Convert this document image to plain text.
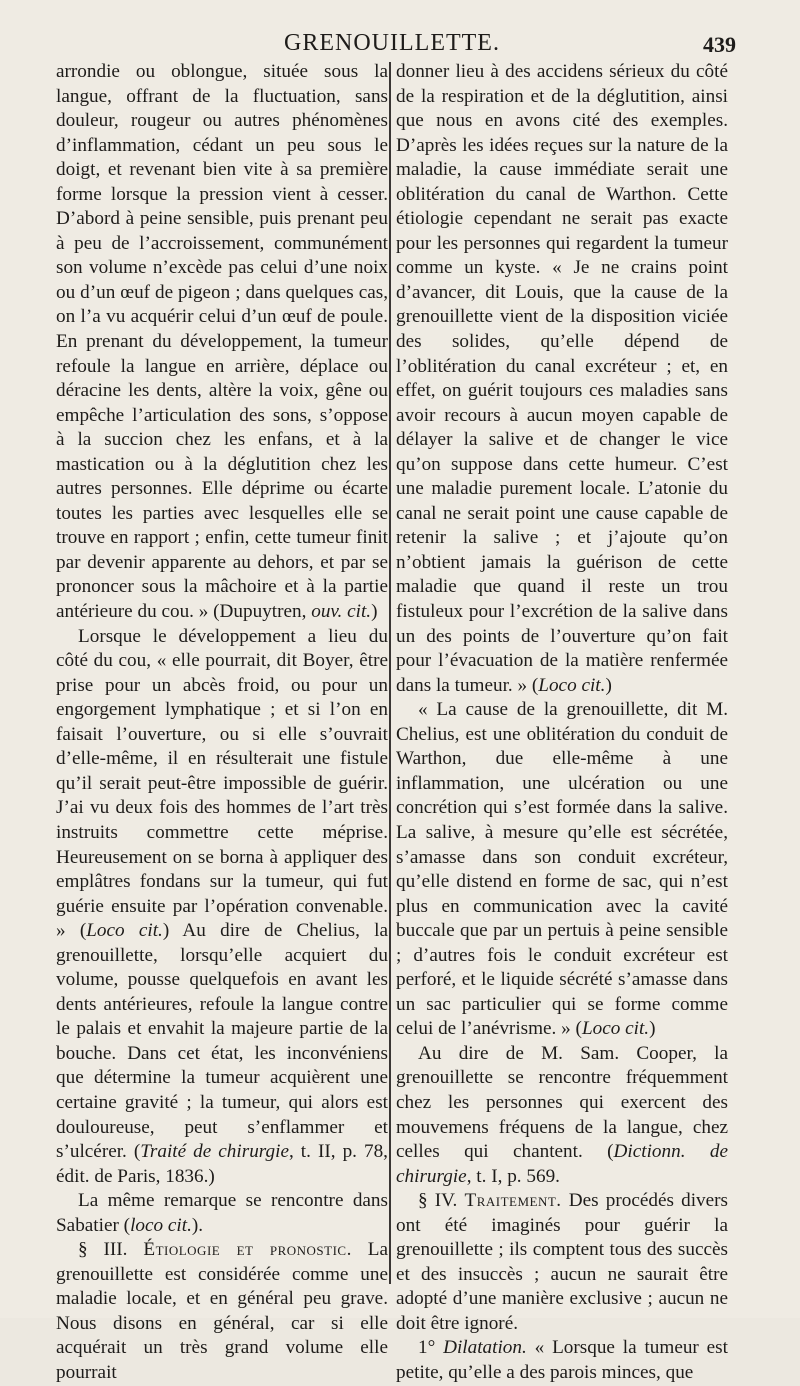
GRENOUILLETTE.	439

arrondie ou oblongue, située sous la langue, offrant de la fluctuation, sans douleur, rougeur ou autres phénomènes d’inflammation, cédant un peu sous le doigt, et revenant bien vite à sa première forme lorsque la pression vient à cesser. D’abord à peine sensible, puis prenant peu à peu de l’accroissement, communément son volume n’excède pas celui d’une noix ou d’un œuf de pigeon ; dans quelques cas, on l’a vu acquérir celui d’un œuf de poule. En prenant du développement, la tumeur refoule la langue en arrière, déplace ou déracine les dents, altère la voix, gêne ou empêche l’articulation des sons, s’oppose à la succion chez les enfans, et à la mastication ou à la déglutition chez les autres personnes. Elle déprime ou écarte toutes les parties avec lesquelles elle se trouve en rapport ; enfin, cette tumeur finit par devenir apparente au dehors, et par se prononcer sous la mâchoire et à la partie antérieure du cou. » (Dupuytren, ouv. cit.)

Lorsque le développement a lieu du côté du cou, « elle pourrait, dit Boyer, être prise pour un abcès froid, ou pour un engorgement lymphatique ; et si l’on en faisait l’ouverture, ou si elle s’ouvrait d’elle-même, il en résulterait une fistule qu’il serait peut-être impossible de guérir. J’ai vu deux fois des hommes de l’art très instruits commettre cette méprise. Heureusement on se borna à appliquer des emplâtres fondans sur la tumeur, qui fut guérie ensuite par l’opération convenable. » (Loco cit.) Au dire de Chelius, la grenouillette, lorsqu’elle acquiert du volume, pousse quelquefois en avant les dents antérieures, refoule la langue contre le palais et envahit la majeure partie de la bouche. Dans cet état, les inconvéniens que détermine la tumeur acquièrent une certaine gravité ; la tumeur, qui alors est douloureuse, peut s’enflammer et s’ulcérer. (Traité de chirurgie, t. II, p. 78, édit. de Paris, 1836.)

La même remarque se rencontre dans Sabatier (loco cit.).

§ III. Étiologie et pronostic. La grenouillette est considérée comme une maladie locale, et en général peu grave. Nous disons en général, car si elle acquérait un très grand volume elle pourrait

donner lieu à des accidens sérieux du côté de la respiration et de la déglutition, ainsi que nous en avons cité des exemples. D’après les idées reçues sur la nature de la maladie, la cause immédiate serait une oblitération du canal de Warthon. Cette étiologie cependant ne serait pas exacte pour les personnes qui regardent la tumeur comme un kyste. « Je ne crains point d’avancer, dit Louis, que la cause de la grenouillette vient de la disposition viciée des solides, qu’elle dépend de l’oblitération du canal excréteur ; et, en effet, on guérit toujours ces maladies sans avoir recours à aucun moyen capable de délayer la salive et de changer le vice qu’on suppose dans cette humeur. C’est une maladie purement locale. L’atonie du canal ne serait point une cause capable de retenir la salive ; et j’ajoute qu’on n’obtient jamais la guérison de cette maladie que quand il reste un trou fistuleux pour l’excrétion de la salive dans un des points de l’ouverture qu’on fait pour l’évacuation de la matière renfermée dans la tumeur. » (Loco cit.)

« La cause de la grenouillette, dit M. Chelius, est une oblitération du conduit de Warthon, due elle-même à une inflammation, une ulcération ou une concrétion qui s’est formée dans la salive. La salive, à mesure qu’elle est sécrétée, s’amasse dans son conduit excréteur, qu’elle distend en forme de sac, qui n’est plus en communication avec la cavité buccale que par un pertuis à peine sensible ; d’autres fois le conduit excréteur est perforé, et le liquide sécrété s’amasse dans un sac particulier qui se forme comme celui de l’anévrisme. » (Loco cit.)

Au dire de M. Sam. Cooper, la grenouillette se rencontre fréquemment chez les personnes qui exercent des mouvemens fréquens de la langue, chez celles qui chantent. (Dictionn. de chirurgie, t. I, p. 569.

§ IV. Traitement. Des procédés divers ont été imaginés pour guérir la grenouillette ; ils comptent tous des succès et des insuccès ; aucun ne saurait être adopté d’une manière exclusive ; aucun ne doit être ignoré.

1° Dilatation. « Lorsque la tumeur est petite, qu’elle a des parois minces, que
